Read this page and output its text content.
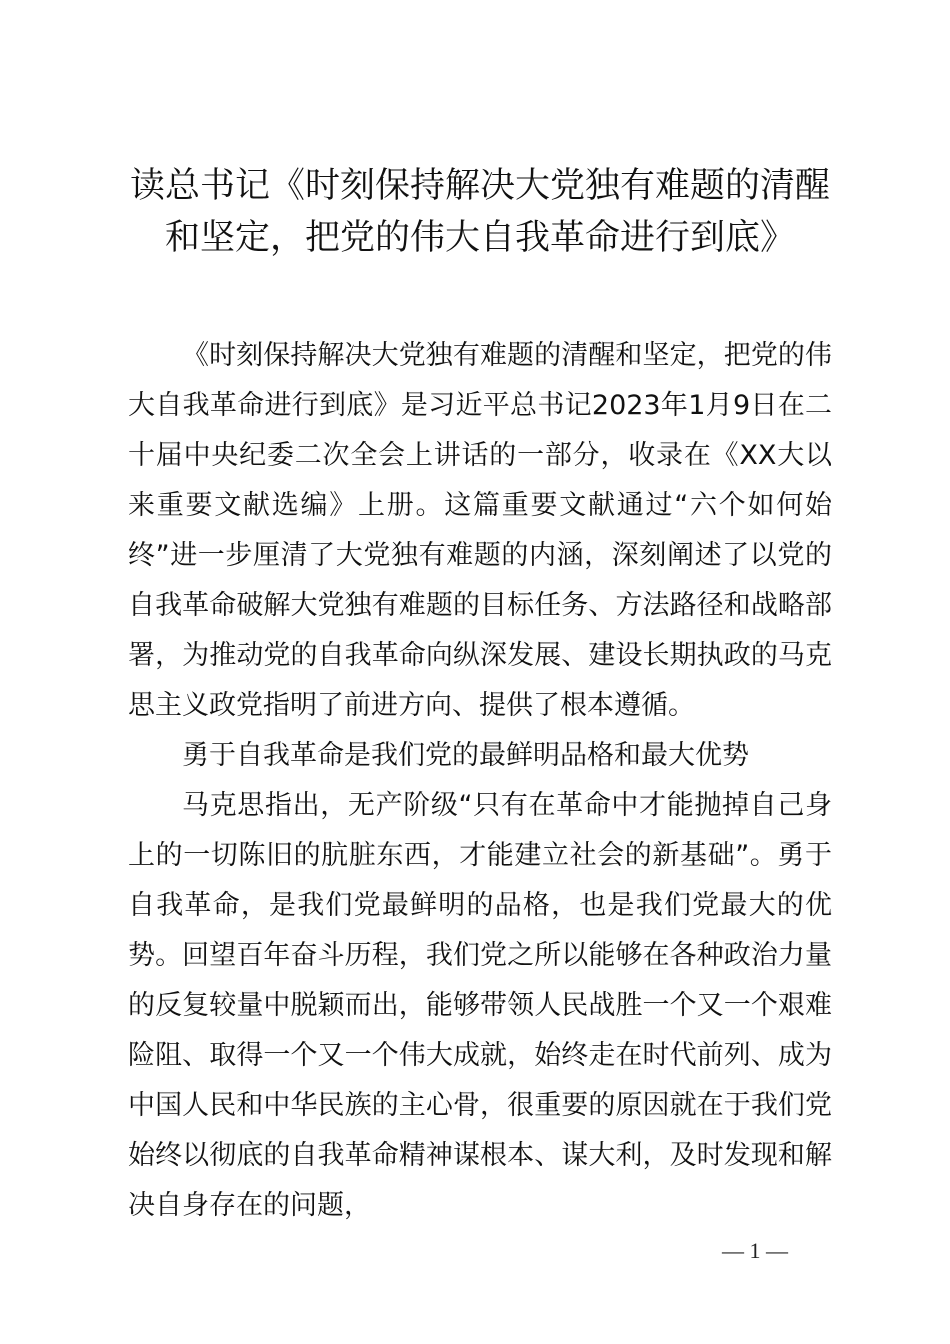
读总书记《时刻保持解决大党独有难题的清醒
和坚定，把党的伟大自我革命进行到底》

《时刻保持解决大党独有难题的清醒和坚定，把党的伟大自我革命进行到底》是习近平总书记2023年1月9日在二十届中央纪委二次全会上讲话的一部分，收录在《XX大以来重要文献选编》上册。这篇重要文献通过“六个如何始终”进一步厘清了大党独有难题的内涵，深刻阐述了以党的自我革命破解大党独有难题的目标任务、方法路径和战略部署，为推动党的自我革命向纵深发展、建设长期执政的马克思主义政党指明了前进方向、提供了根本遵循。

勇于自我革命是我们党的最鲜明品格和最大优势

马克思指出，无产阶级“只有在革命中才能抛掉自己身上的一切陈旧的肮脏东西，才能建立社会的新基础”。勇于自我革命，是我们党最鲜明的品格，也是我们党最大的优势。回望百年奋斗历程，我们党之所以能够在各种政治力量的反复较量中脱颖而出，能够带领人民战胜一个又一个艰难险阻、取得一个又一个伟大成就，始终走在时代前列、成为中国人民和中华民族的主心骨，很重要的原因就在于我们党始终以彻底的自我革命精神谋根本、谋大利，及时发现和解决自身存在的问题，

— 1 —
